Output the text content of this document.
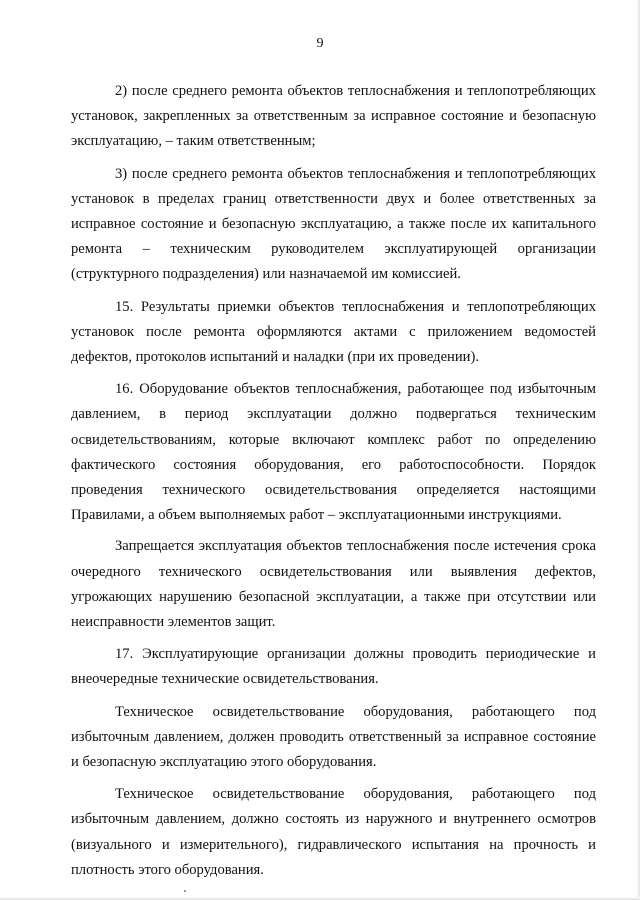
9

2) после среднего ремонта объектов теплоснабжения и теплопотребляющих установок, закрепленных за ответственным за исправное состояние и безопасную эксплуатацию, – таким ответственным;

3) после среднего ремонта объектов теплоснабжения и теплопотребляющих установок в пределах границ ответственности двух и более ответственных за исправное состояние и безопасную эксплуатацию, а также после их капитального ремонта – техническим руководителем эксплуатирующей организации (структурного подразделения) или назначаемой им комиссией.

15. Результаты приемки объектов теплоснабжения и теплопотребляющих установок после ремонта оформляются актами с приложением ведомостей дефектов, протоколов испытаний и наладки (при их проведении).

16. Оборудование объектов теплоснабжения, работающее под избыточным давлением, в период эксплуатации должно подвергаться техническим освидетельствованиям, которые включают комплекс работ по определению фактического состояния оборудования, его работоспособности. Порядок проведения технического освидетельствования определяется настоящими Правилами, а объем выполняемых работ – эксплуатационными инструкциями.

Запрещается эксплуатация объектов теплоснабжения после истечения срока очередного технического освидетельствования или выявления дефектов, угрожающих нарушению безопасной эксплуатации, а также при отсутствии или неисправности элементов защит.

17. Эксплуатирующие организации должны проводить периодические и внеочередные технические освидетельствования.

Техническое освидетельствование оборудования, работающего под избыточным давлением, должен проводить ответственный за исправное состояние и безопасную эксплуатацию этого оборудования.

Техническое освидетельствование оборудования, работающего под избыточным давлением, должно состоять из наружного и внутреннего осмотров (визуального и измерительного), гидравлического испытания на прочность и плотность этого оборудования.
